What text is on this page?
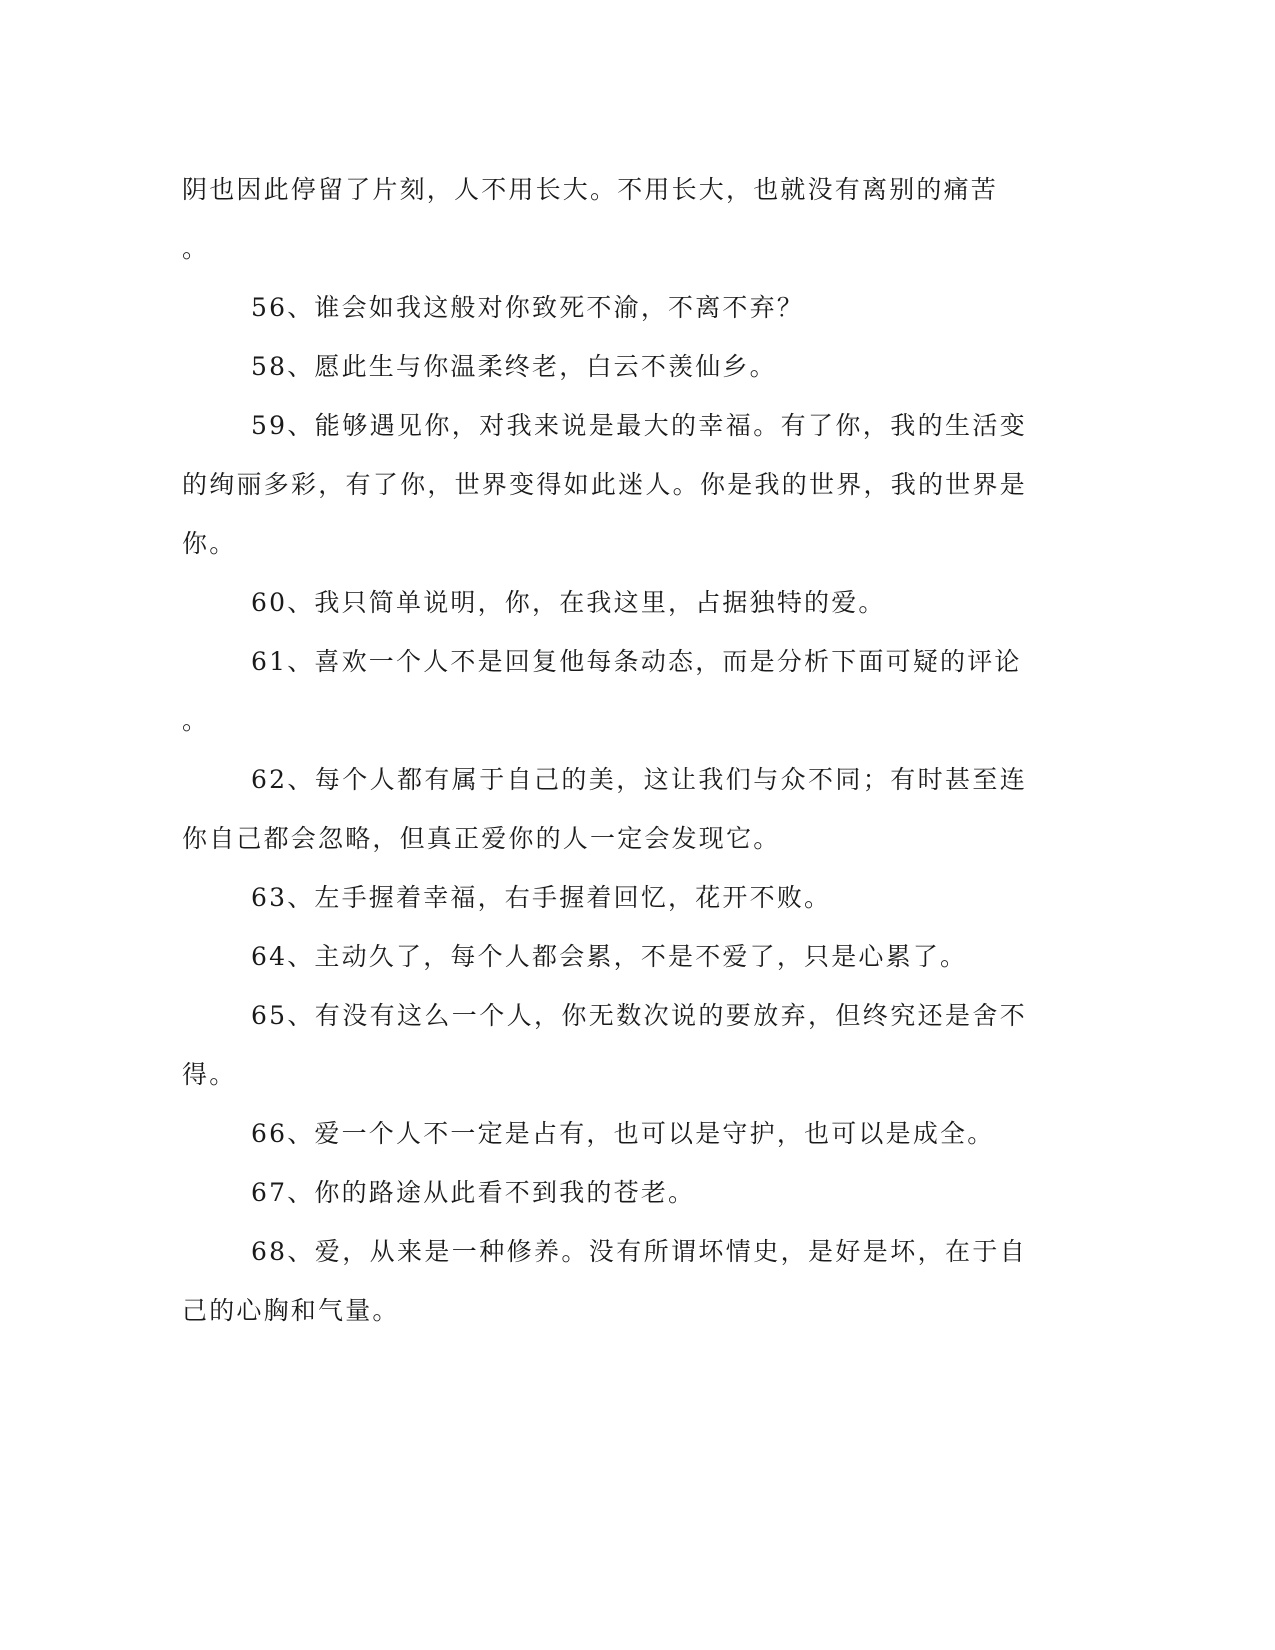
阴也因此停留了片刻，人不用长大。不用长大，也就没有离别的痛苦
。

56、谁会如我这般对你致死不渝，不离不弃？

58、愿此生与你温柔终老，白云不羡仙乡。

59、能够遇见你，对我来说是最大的幸福。有了你，我的生活变的绚丽多彩，有了你，世界变得如此迷人。你是我的世界，我的世界是你。

60、我只简单说明，你，在我这里，占据独特的爱。

61、喜欢一个人不是回复他每条动态，而是分析下面可疑的评论
。

62、每个人都有属于自己的美，这让我们与众不同；有时甚至连你自己都会忽略，但真正爱你的人一定会发现它。

63、左手握着幸福，右手握着回忆，花开不败。

64、主动久了，每个人都会累，不是不爱了，只是心累了。

65、有没有这么一个人，你无数次说的要放弃，但终究还是舍不得。

66、爱一个人不一定是占有，也可以是守护，也可以是成全。

67、你的路途从此看不到我的苍老。

68、爱，从来是一种修养。没有所谓坏情史，是好是坏，在于自己的心胸和气量。
